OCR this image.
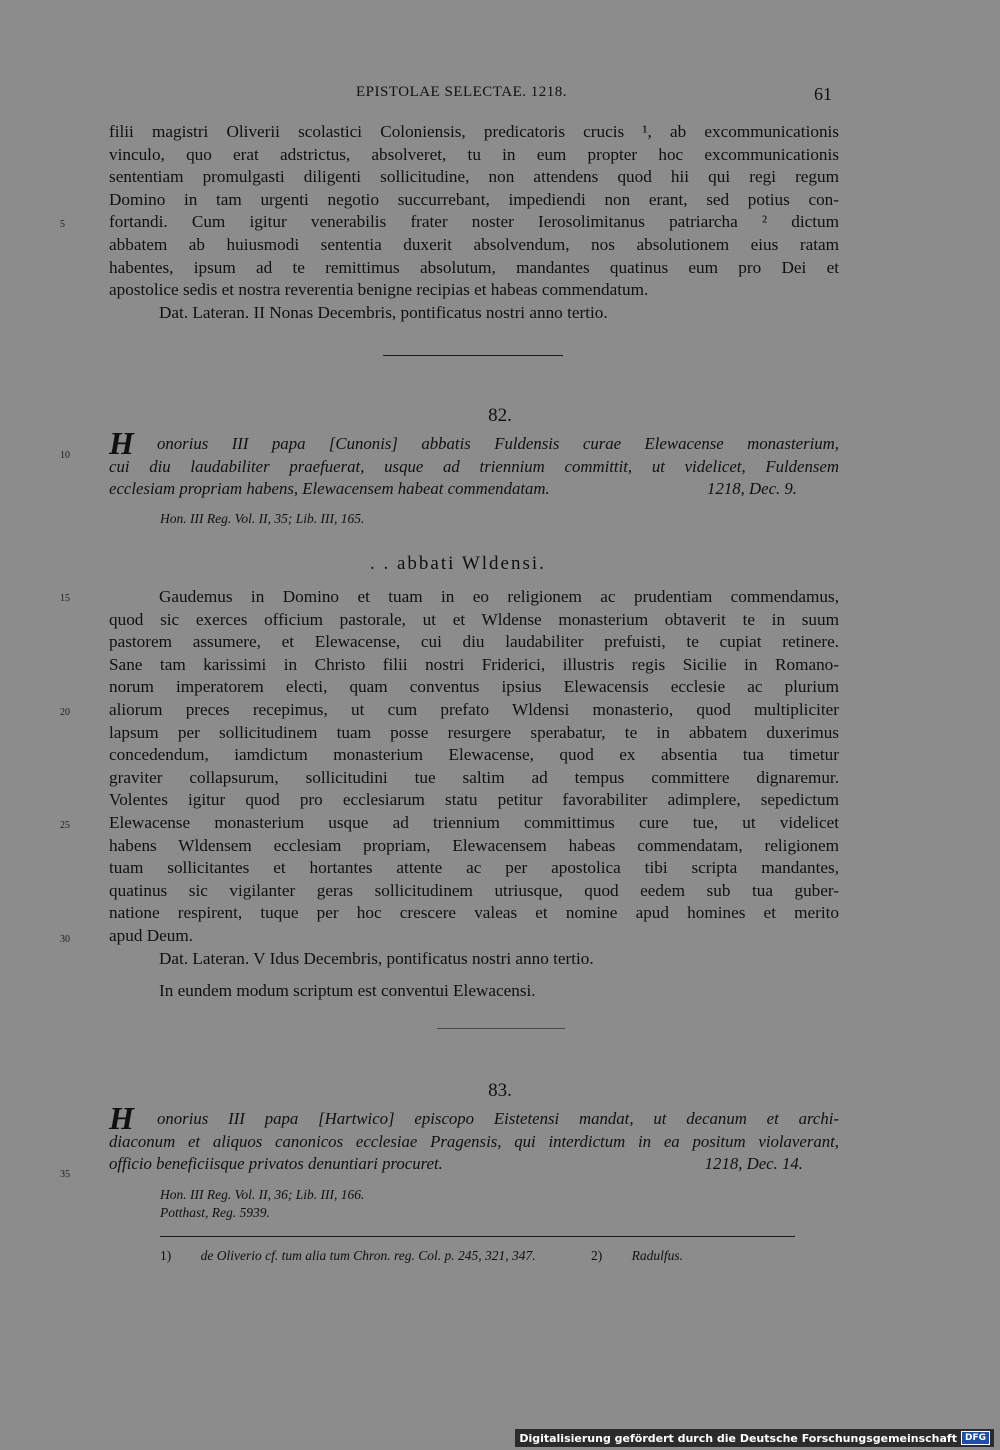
EPISTOLAE SELECTAE. 1218.	61
filii magistri Oliverii scolastici Coloniensis, predicatoris crucis ¹, ab excommunicationis
vinculo, quo erat adstrictus, absolveret, tu in eum propter hoc excommunicationis
sententiam promulgasti diligenti sollicitudine, non attendens quod hii qui regi regum
Domino in tam urgenti negotio succurrebant, impediendi non erant, sed potius con-
fortandi. Cum igitur venerabilis frater noster Ierosolimitanus patriarcha ² dictum
abbatem ab huiusmodi sententia duxerit absolvendum, nos absolutionem eius ratam
habentes, ipsum ad te remittimus absolutum, mandantes quatinus eum pro Dei et
apostolice sedis et nostra reverentia benigne recipias et habeas commendatum.
Dat. Lateran. II Nonas Decembris, pontificatus nostri anno tertio.
5
82.
10 H	onorius III papa [Cunonis] abbatis Fuldensis curae Elewacense monasterium,
cui diu laudabiliter praefuerat, usque ad triennium committit, ut videlicet, Fuldensem
ecclesiam propriam habens, Elewacensem habeat commendatam.	1218, Dec. 9.
Hon. III Reg. Vol. II, 35; Lib. III, 165.
. . abbati Wldensi.
15
20
25
30
Gaudemus in Domino et tuam in eo religionem ac prudentiam commendamus,
quod sic exerces officium pastorale, ut et Wldense monasterium obtaverit te in suum
pastorem assumere, et Elewacense, cui diu laudabiliter prefuisti, te cupiat retinere.
Sane tam karissimi in Christo filii nostri Friderici, illustris regis Sicilie in Romano-
norum imperatorem electi, quam conventus ipsius Elewacensis ecclesie ac plurium
aliorum preces recepimus, ut cum prefato Wldensi monasterio, quod multipliciter
lapsum per sollicitudinem tuam posse resurgere sperabatur, te in abbatem duxerimus
concedendum, iamdictum monasterium Elewacense, quod ex absentia tua timetur
graviter collapsurum, sollicitudini tue saltim ad tempus committere dignaremur.
Volentes igitur quod pro ecclesiarum statu petitur favorabiliter adimplere, sepedictum
Elewacense monasterium usque ad triennium committimus cure tue, ut videlicet
habens Wldensem ecclesiam propriam, Elewacensem habeas commendatam, religionem
tuam sollicitantes et hortantes attente ac per apostolica tibi scripta mandantes,
quatinus sic vigilanter geras sollicitudinem utriusque, quod eedem sub tua guber-
natione respirent, tuque per hoc crescere valeas et nomine apud homines et merito
apud Deum.
Dat. Lateran. V Idus Decembris, pontificatus nostri anno tertio.
In eundem modum scriptum est conventui Elewacensi.
83.
35
H	onorius III papa [Hartwico] episcopo Eistetensi mandat, ut decanum et archi-
diaconum et aliquos canonicos ecclesiae Pragensis, qui interdictum in ea positum violaverant,
officio beneficiisque privatos denuntiari procuret.	1218, Dec. 14.
Hon. III Reg. Vol. II, 36; Lib. III, 166.
Potthast, Reg. 5939.
1) de Oliverio cf. tum alia tum Chron. reg. Col. p. 245, 321, 347.	2) Radulfus.
Digitalisierung gefördert durch die Deutsche Forschungsgemeinschaft DFG
